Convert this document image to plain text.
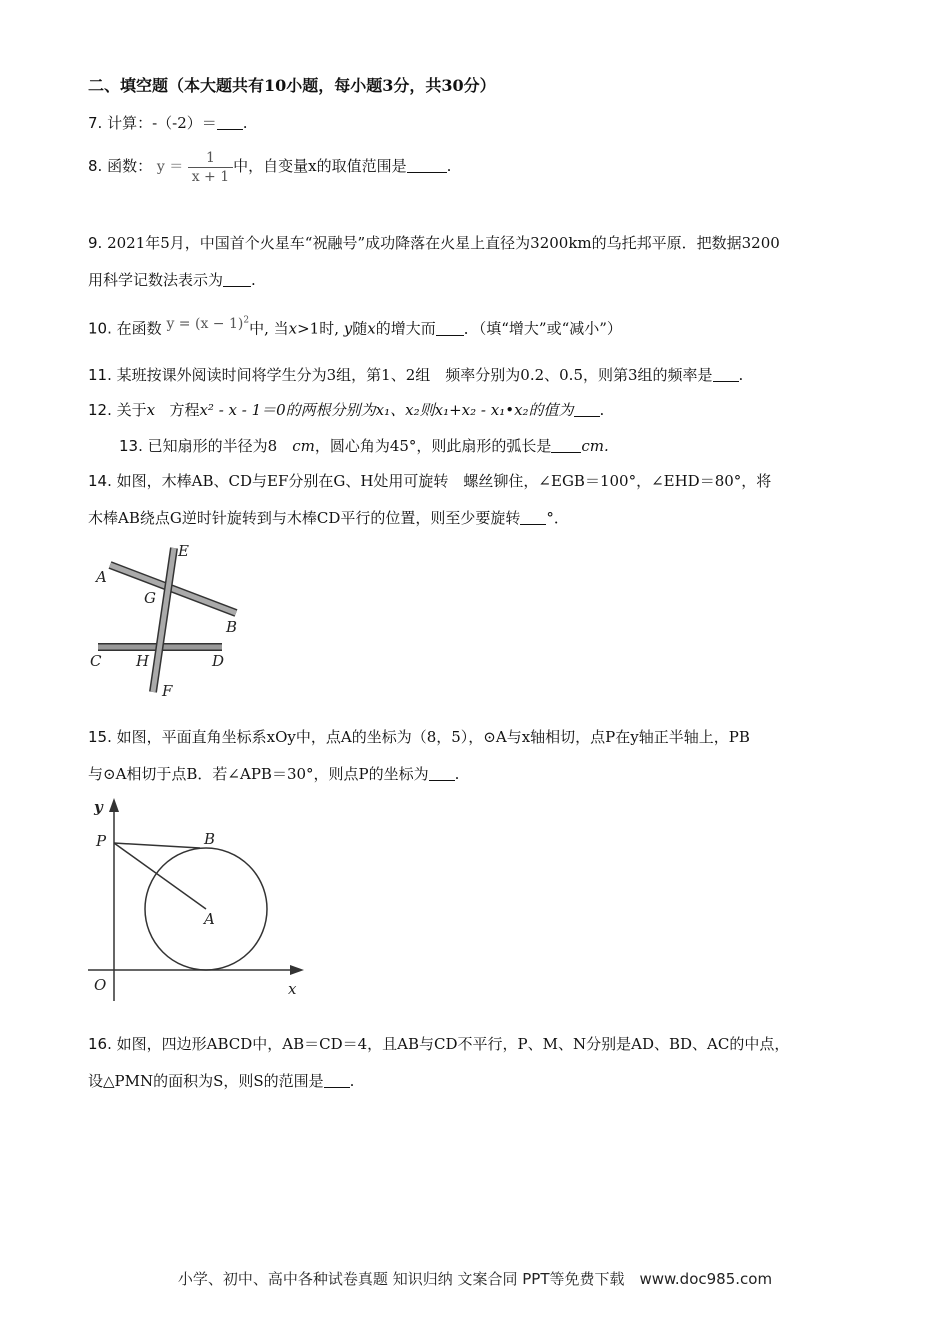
二、填空题（本大题共有10小题，每小题3分，共30分）
7. 计算：-（-2）＝ .
8. 函数： $y = \frac{1}{x + 1}$ 中，自变量x的取值范围是	.
9. 2021年5月，中国首个火星车“祝融号”成功降落在火星上直径为3200km的乌托邦平原．把数据3200
用科学记数法表示为 .
10. 在函数 $y = (x - 1)^2$中, 当x>1时, y随x的增大而 ．（填“增大”或“减小”）
11. 某班按课外阅读时间将学生分为3组，第1、2组　频率分别为0.2、0.5，则第3组的频率是 .
12. 关于x 方程x² - x - 1＝0的两根分别为x₁、x₂则x₁+x₂ - x₁•x₂的值为 .
13. 已知扇形的半径为8　cm，圆心角为45°，则此扇形的弧长是 cm.
14. 如图，木棒AB、CD与EF分别在G、H处用可旋转　螺丝铆住，∠EGB＝100°，∠EHD＝80°，将
木棒AB绕点G逆时针旋转到与木棒CD平行的位置，则至少要旋转 °．
A
B
C	D
E
F
G
H
15. 如图，平面直角坐标系xOy中，点A的坐标为（8，5），⊙A与x轴相切，点P在y轴正半轴上，PB
与⊙A相切于点B．若∠APB＝30°，则点P的坐标为 .
y
x
O
P	B
A
16. 如图，四边形ABCD中，AB＝CD＝4，且AB与CD不平行，P、M、N分别是AD、BD、AC的中点，
设△PMN的面积为S，则S的范围是 .
小学、初中、高中各种试卷真题 知识归纳 文案合同 PPT等免费下载　www.doc985.com
